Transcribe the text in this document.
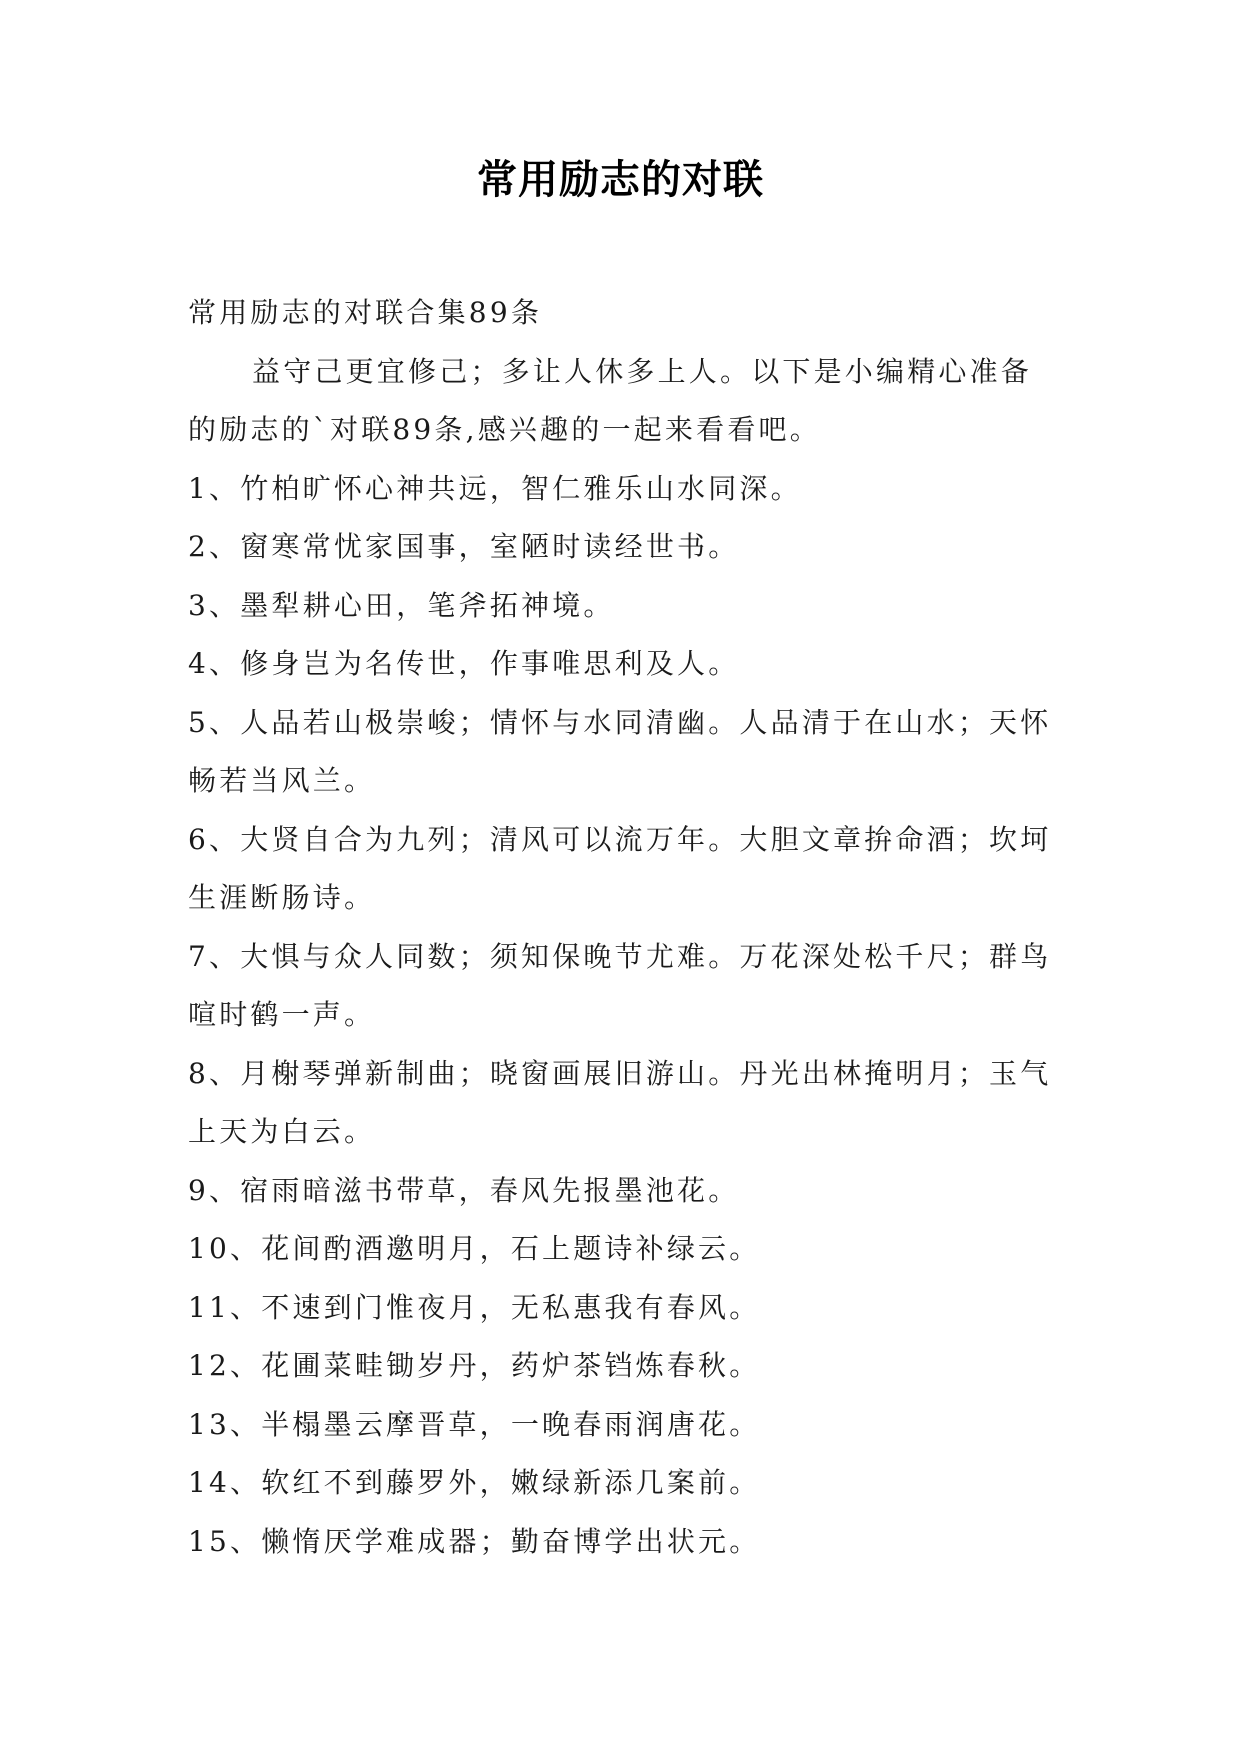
常用励志的对联

常用励志的对联合集89条

益守己更宜修己；多让人休多上人。以下是小编精心准备的励志的`对联89条,感兴趣的一起来看看吧。

1、竹柏旷怀心神共远，智仁雅乐山水同深。

2、窗寒常忧家国事，室陋时读经世书。

3、墨犁耕心田，笔斧拓神境。

4、修身岂为名传世，作事唯思利及人。

5、人品若山极崇峻；情怀与水同清幽。人品清于在山水；天怀畅若当风兰。

6、大贤自合为九列；清风可以流万年。大胆文章拚命酒；坎坷生涯断肠诗。

7、大惧与众人同数；须知保晚节尤难。万花深处松千尺；群鸟喧时鹤一声。

8、月榭琴弹新制曲；晓窗画展旧游山。丹光出林掩明月；玉气上天为白云。

9、宿雨暗滋书带草，春风先报墨池花。

10、花间酌酒邀明月，石上题诗补绿云。

11、不速到门惟夜月，无私惠我有春风。

12、花圃菜畦锄岁丹，药炉茶铛炼春秋。

13、半榻墨云摩晋草，一晚春雨润唐花。

14、软红不到藤罗外，嫩绿新添几案前。

15、懒惰厌学难成器；勤奋博学出状元。
